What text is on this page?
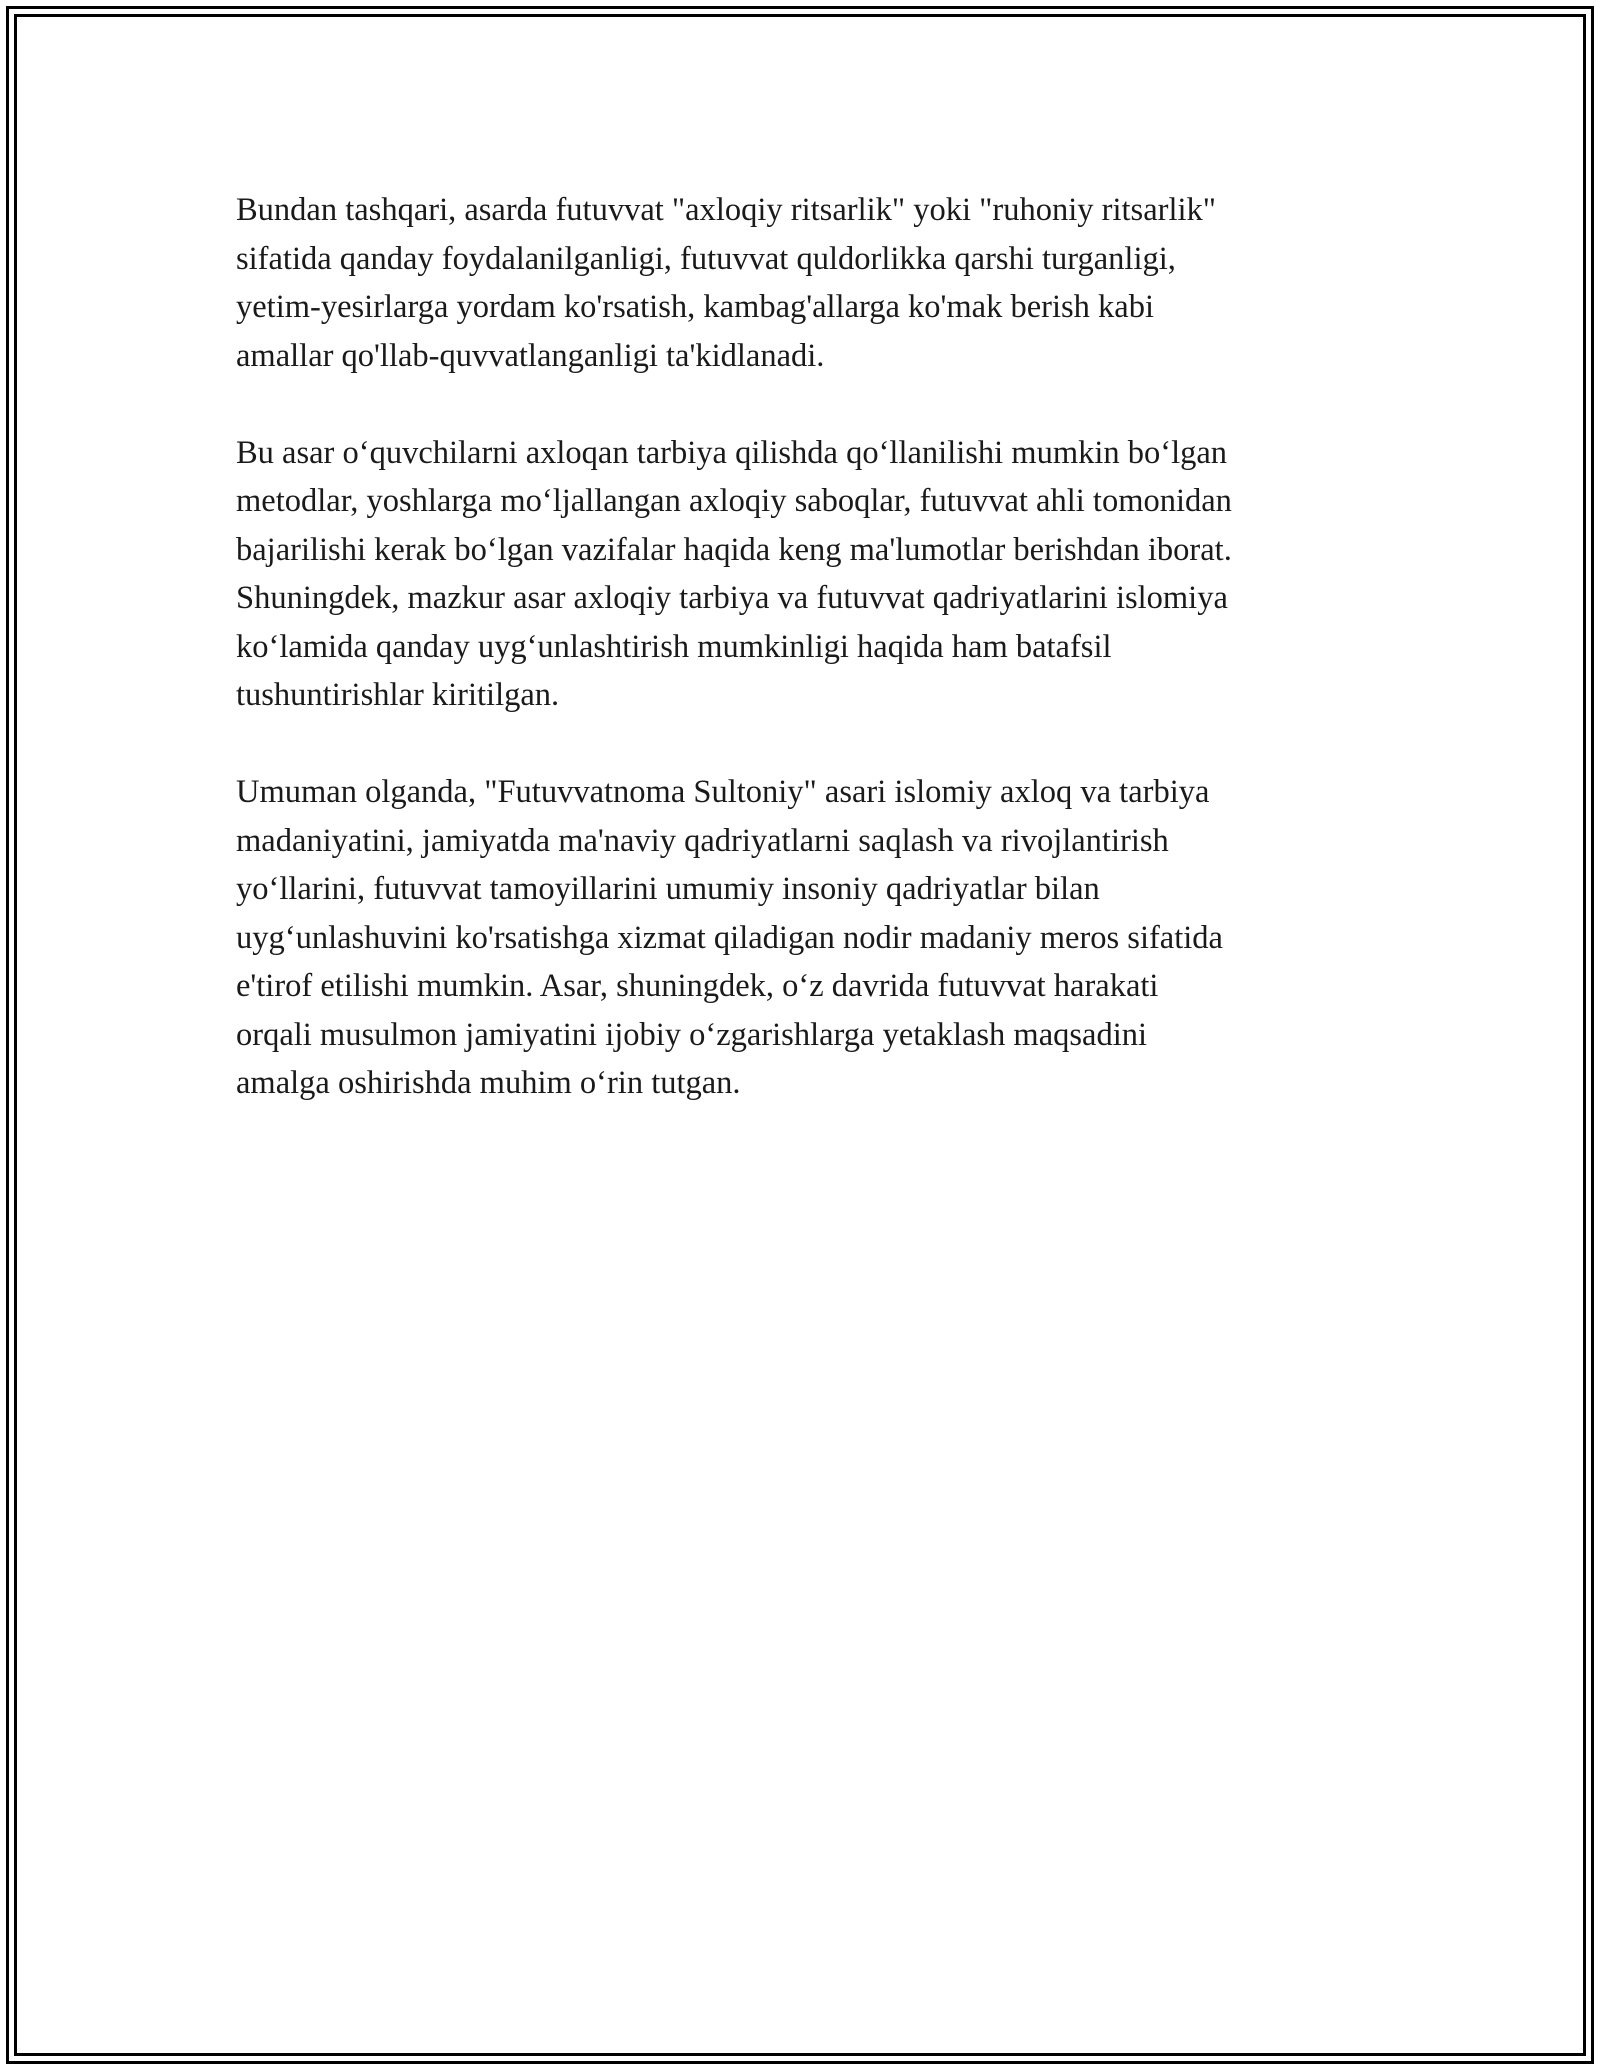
Bundan tashqari, asarda futuvvat "axloqiy ritsarlik" yoki "ruhoniy ritsarlik"
sifatida qanday foydalanilganligi, futuvvat quldorlikka qarshi turganligi,
yetim-yesirlarga yordam ko'rsatish, kambag'allarga ko'mak berish kabi
amallar qo'llab-quvvatlanganligi ta'kidlanadi.

Bu asar o‘quvchilarni axloqan tarbiya qilishda qo‘llanilishi mumkin bo‘lgan
metodlar, yoshlarga mo‘ljallangan axloqiy saboqlar, futuvvat ahli tomonidan
bajarilishi kerak bo‘lgan vazifalar haqida keng ma'lumotlar berishdan iborat.
Shuningdek, mazkur asar axloqiy tarbiya va futuvvat qadriyatlarini islomiya
ko‘lamida qanday uyg‘unlashtirish mumkinligi haqida ham batafsil
tushuntirishlar kiritilgan.

Umuman olganda, "Futuvvatnoma Sultoniy" asari islomiy axloq va tarbiya
madaniyatini, jamiyatda ma'naviy qadriyatlarni saqlash va rivojlantirish
yo‘llarini, futuvvat tamoyillarini umumiy insoniy qadriyatlar bilan
uyg‘unlashuvini ko'rsatishga xizmat qiladigan nodir madaniy meros sifatida
e'tirof etilishi mumkin. Asar, shuningdek, o‘z davrida futuvvat harakati
orqali musulmon jamiyatini ijobiy o‘zgarishlarga yetaklash maqsadini
amalga oshirishda muhim o‘rin tutgan.
